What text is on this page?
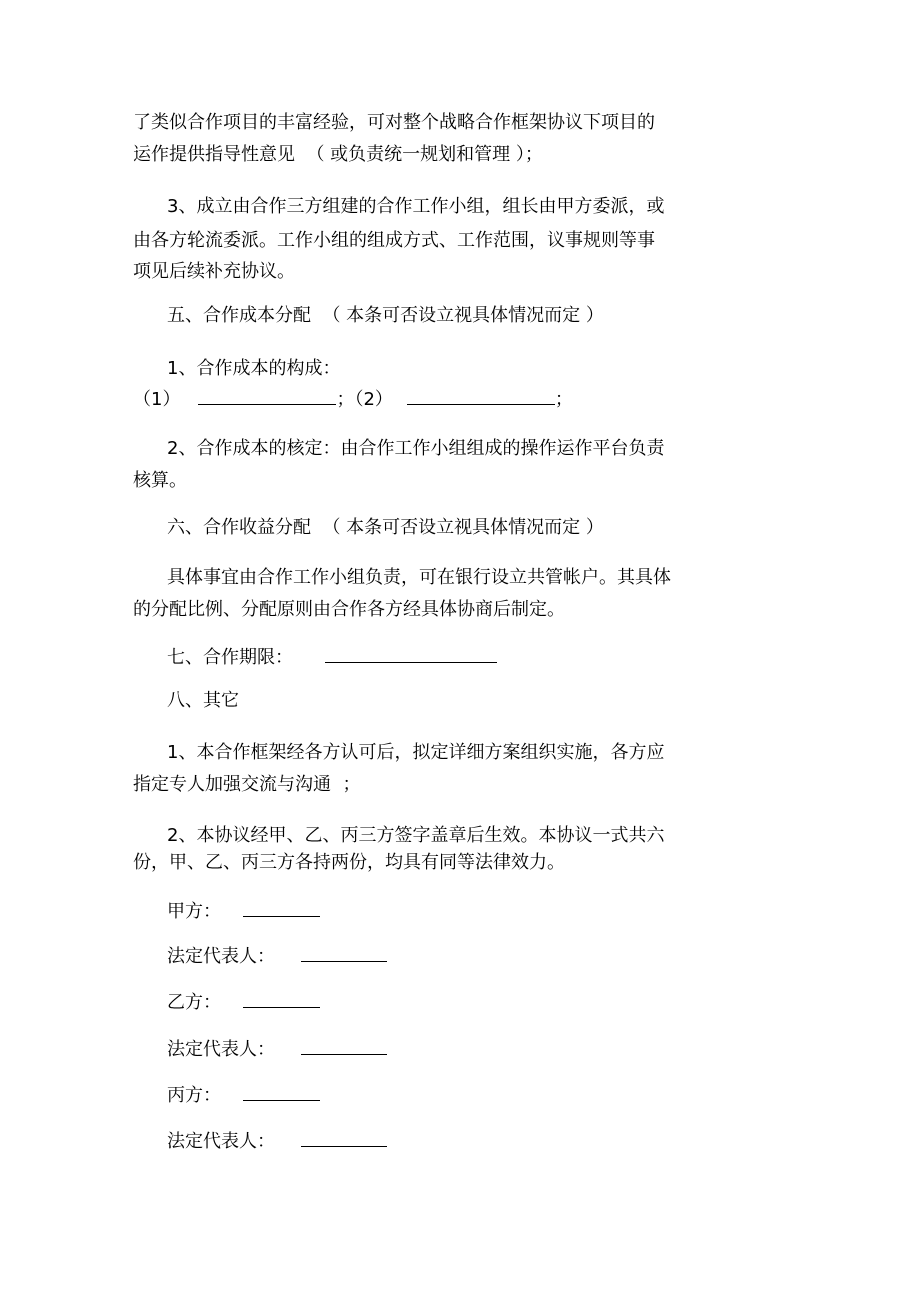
了类似合作项目的丰富经验，可对整个战略合作框架协议下项目的
运作提供指导性意见  （ 或负责统一规划和管理 ）；
3、成立由合作三方组建的合作工作小组，组长由甲方委派，或
由各方轮流委派。工作小组的组成方式、工作范围，议事规则等事
项见后续补充协议。
五、合作成本分配  （ 本条可否设立视具体情况而定 ）
1、合作成本的构成：
（1）	；（2）	；
2、合作成本的核定：由合作工作小组组成的操作运作平台负责
核算。
六、合作收益分配  （ 本条可否设立视具体情况而定 ）
具体事宜由合作工作小组负责，可在银行设立共管帐户。其具体
的分配比例、分配原则由合作各方经具体协商后制定。
七、合作期限：
八、其它
1、本合作框架经各方认可后，拟定详细方案组织实施，各方应
指定专人加强交流与沟通  ；
2、本协议经甲、乙、丙三方签字盖章后生效。本协议一式共六
份，甲、乙、丙三方各持两份，均具有同等法律效力。
甲方：
法定代表人：
乙方：
法定代表人：
丙方：
法定代表人：
